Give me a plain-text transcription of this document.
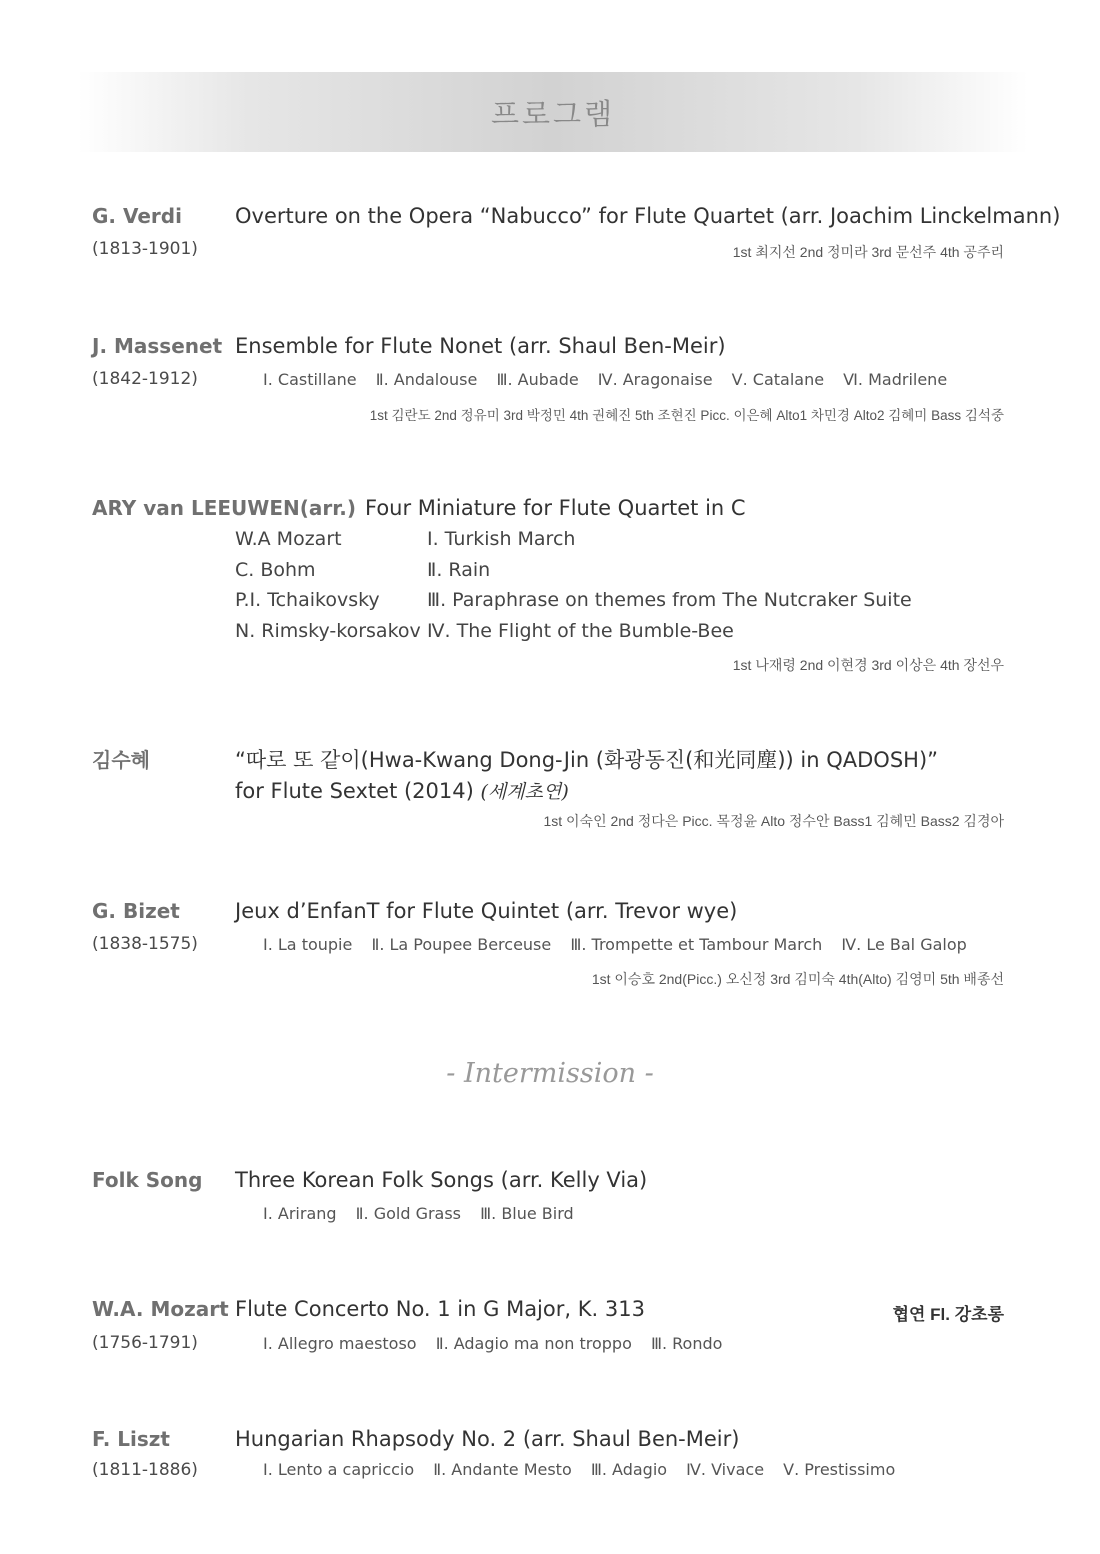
프로그램
G. Verdi
(1813-1901)
Overture on the Opera “Nabucco” for Flute Quartet (arr. Joachim Linckelmann)
1st 최지선 2nd 정미라 3rd 문선주 4th 공주리
J. Massenet
(1842-1912)
Ensemble for Flute Nonet (arr. Shaul Ben-Meir)
Ⅰ. Castillane Ⅱ. Andalouse Ⅲ. Aubade Ⅳ. Aragonaise Ⅴ. Catalane Ⅵ. Madrilene
1st 김란도 2nd 정유미 3rd 박정민 4th 권혜진 5th 조현진 Picc. 이은혜 Alto1 차민경 Alto2 김혜미 Bass 김석중
ARY van LEEUWEN(arr.) Four Miniature for Flute Quartet in C
W.A Mozart	Ⅰ. Turkish March
C. Bohm	Ⅱ. Rain
P.I. Tchaikovsky Ⅲ. Paraphrase on themes from The Nutcraker Suite
N. Rimsky-korsakov Ⅳ. The Flight of the Bumble-Bee
1st 나재령 2nd 이현경 3rd 이상은 4th 장선우
김수혜	“따로 또 같이(Hwa-Kwang Dong-Jin (화광동진(和光同塵)) in QADOSH)”
for Flute Sextet (2014) (세계초연)
1st 이숙인 2nd 정다은 Picc. 목정윤 Alto 정수안 Bass1 김혜민 Bass2 김경아
G. Bizet
(1838-1575)
Jeux d’EnfanT for Flute Quintet (arr. Trevor wye)
Ⅰ. La toupie Ⅱ. La Poupee Berceuse Ⅲ. Trompette et Tambour March Ⅳ. Le Bal Galop
1st 이승호 2nd(Picc.) 오신정 3rd 김미숙 4th(Alto) 김영미 5th 배종선
- Intermission -
Folk Song Three Korean Folk Songs (arr. Kelly Via)
Ⅰ. Arirang Ⅱ. Gold Grass Ⅲ. Blue Bird
W.A. Mozart
(1756-1791)
Flute Concerto No. 1 in G Major, K. 313	협연 Fl. 강초롱
Ⅰ. Allegro maestoso Ⅱ. Adagio ma non troppo Ⅲ. Rondo
F. Liszt
(1811-1886)
Hungarian Rhapsody No. 2 (arr. Shaul Ben-Meir)
Ⅰ. Lento a capriccio Ⅱ. Andante Mesto Ⅲ. Adagio Ⅳ. Vivace Ⅴ. Prestissimo
